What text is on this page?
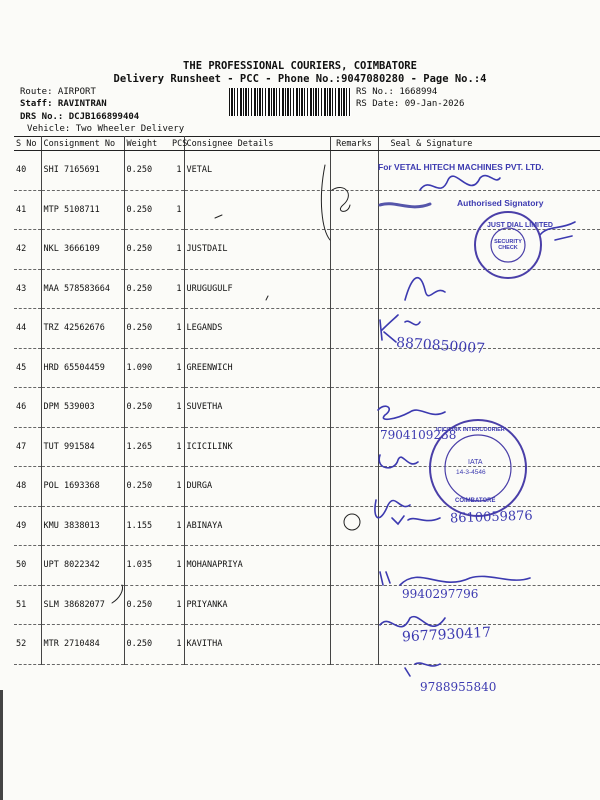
THE PROFESSIONAL COURIERS, COIMBATORE
Delivery Runsheet - PCC - Phone No.:9047080280 - Page No.:4
Route: AIRPORT
Staff: RAVINTRAN
DRS No.: DCJB166899404
Vehicle: Two Wheeler Delivery
RS No.: 1668994
RS Date: 09-Jan-2026
S No	Consignment No	Weight	PCS	Consignee Details	Remarks	Seal & Signature
40	SHI 7165691	0.250	1	VETAL		
41	MTP 5108711	0.250	1			
42	NKL 3666109	0.250	1	JUSTDAIL		
43	MAA 578583664	0.250	1	URUGUGULF		
44	TRZ 42562676	0.250	1	LEGANDS		
45	HRD 65504459	1.090	1	GREENWICH		
46	DPM 539003	0.250	1	SUVETHA		
47	TUT 991584	1.265	1	ICICILINK		
48	POL 1693368	0.250	1	DURGA		
49	KMU 3838013	1.155	1	ABINAYA		
50	UPT 8022342	1.035	1	MOHANAPRIYA		
51	SLM 38682077	0.250	1	PRIYANKA		
52	MTR 2710484	0.250	1	KAVITHA		
For VETAL HITECH MACHINES PVT. LTD.
Authorised Signatory
JUST DIAL LIMITED
SECURITY CHECK
ICICILINK INTERCOURIER
IATA
14-3-4546
COIMBATORE
8870850007
7904109238
8610059876
9940297796
9677930417
9788955840
